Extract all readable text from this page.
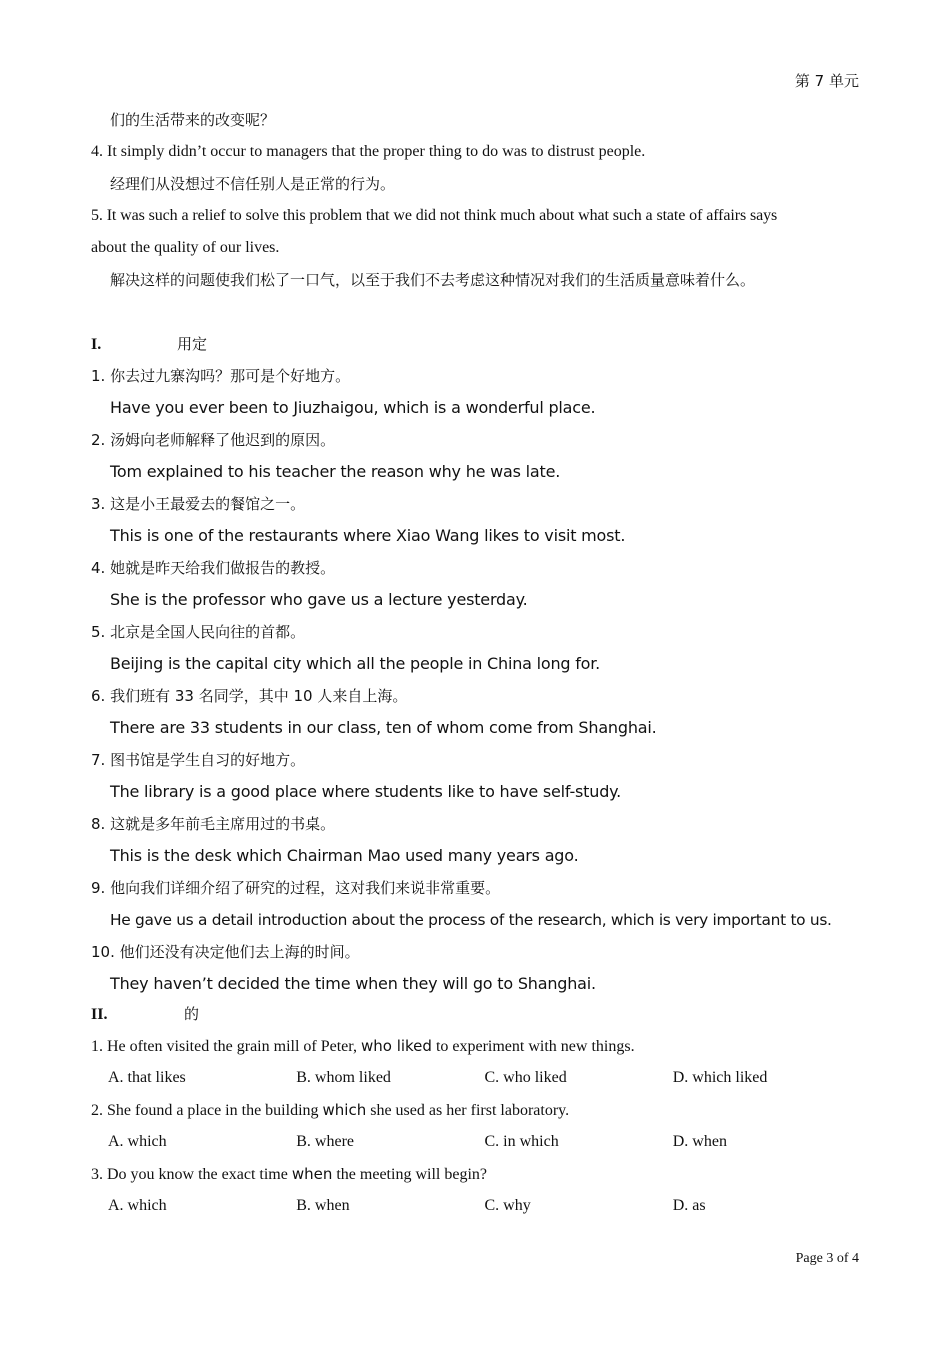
第 7 单元
们的生活带来的改变呢？
4. It simply didn’t occur to managers that the proper thing to do was to distrust people.
经理们从没想过不信任别人是正常的行为。
5. It was such a relief to solve this problem that we did not think much about what such a state of affairs says
about the quality of our lives.
解决这样的问题使我们松了一口气，以至于我们不去考虑这种情况对我们的生活质量意味着什么。
I.	用定
1. 你去过九寨沟吗？那可是个好地方。
Have you ever been to Jiuzhaigou, which is a wonderful place.
2. 汤姆向老师解释了他迟到的原因。
Tom explained to his teacher the reason why he was late.
3. 这是小王最爱去的餐馆之一。
This is one of the restaurants where Xiao Wang likes to visit most.
4. 她就是昨天给我们做报告的教授。
She is the professor who gave us a lecture yesterday.
5. 北京是全国人民向往的首都。
Beijing is the capital city which all the people in China long for.
6. 我们班有 33 名同学，其中 10 人来自上海。
There are 33 students in our class, ten of whom come from Shanghai.
7. 图书馆是学生自习的好地方。
The library is a good place where students like to have self-study.
8. 这就是多年前毛主席用过的书桌。
This is the desk which Chairman Mao used many years ago.
9. 他向我们详细介绍了研究的过程，这对我们来说非常重要。
He gave us a detail introduction about the process of the research, which is very important to us.
10. 他们还没有决定他们去上海的时间。
They haven’t decided the time when they will go to Shanghai.
II.	的
1. He often visited the grain mill of Peter, who liked to experiment with new things.
A. that likes	B. whom liked	C. who liked	D. which liked
2. She found a place in the building which she used as her first laboratory.
A. which	B. where	C. in which	D. when
3. Do you know the exact time when the meeting will begin?
A. which	B. when	C. why	D. as
Page 3 of 4
